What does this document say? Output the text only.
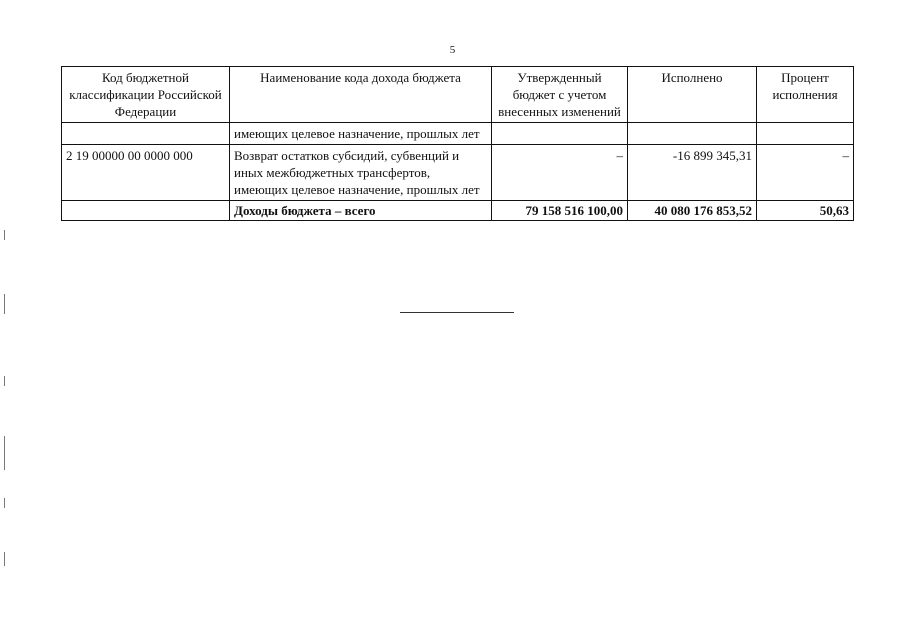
5
Код бюджетной классификации Российской Федерации	Наименование кода дохода бюджета	Утвержденный бюджет с учетом внесенных изменений	Исполнено	Процент исполнения
	имеющих целевое назначение, прошлых лет			
2 19 00000 00 0000 000	Возврат остатков субсидий, субвенций и иных межбюджетных трансфертов, имеющих целевое назначение, прошлых лет	–	-16 899 345,31	–
	Доходы бюджета – всего	79 158 516 100,00	40 080 176 853,52	50,63
